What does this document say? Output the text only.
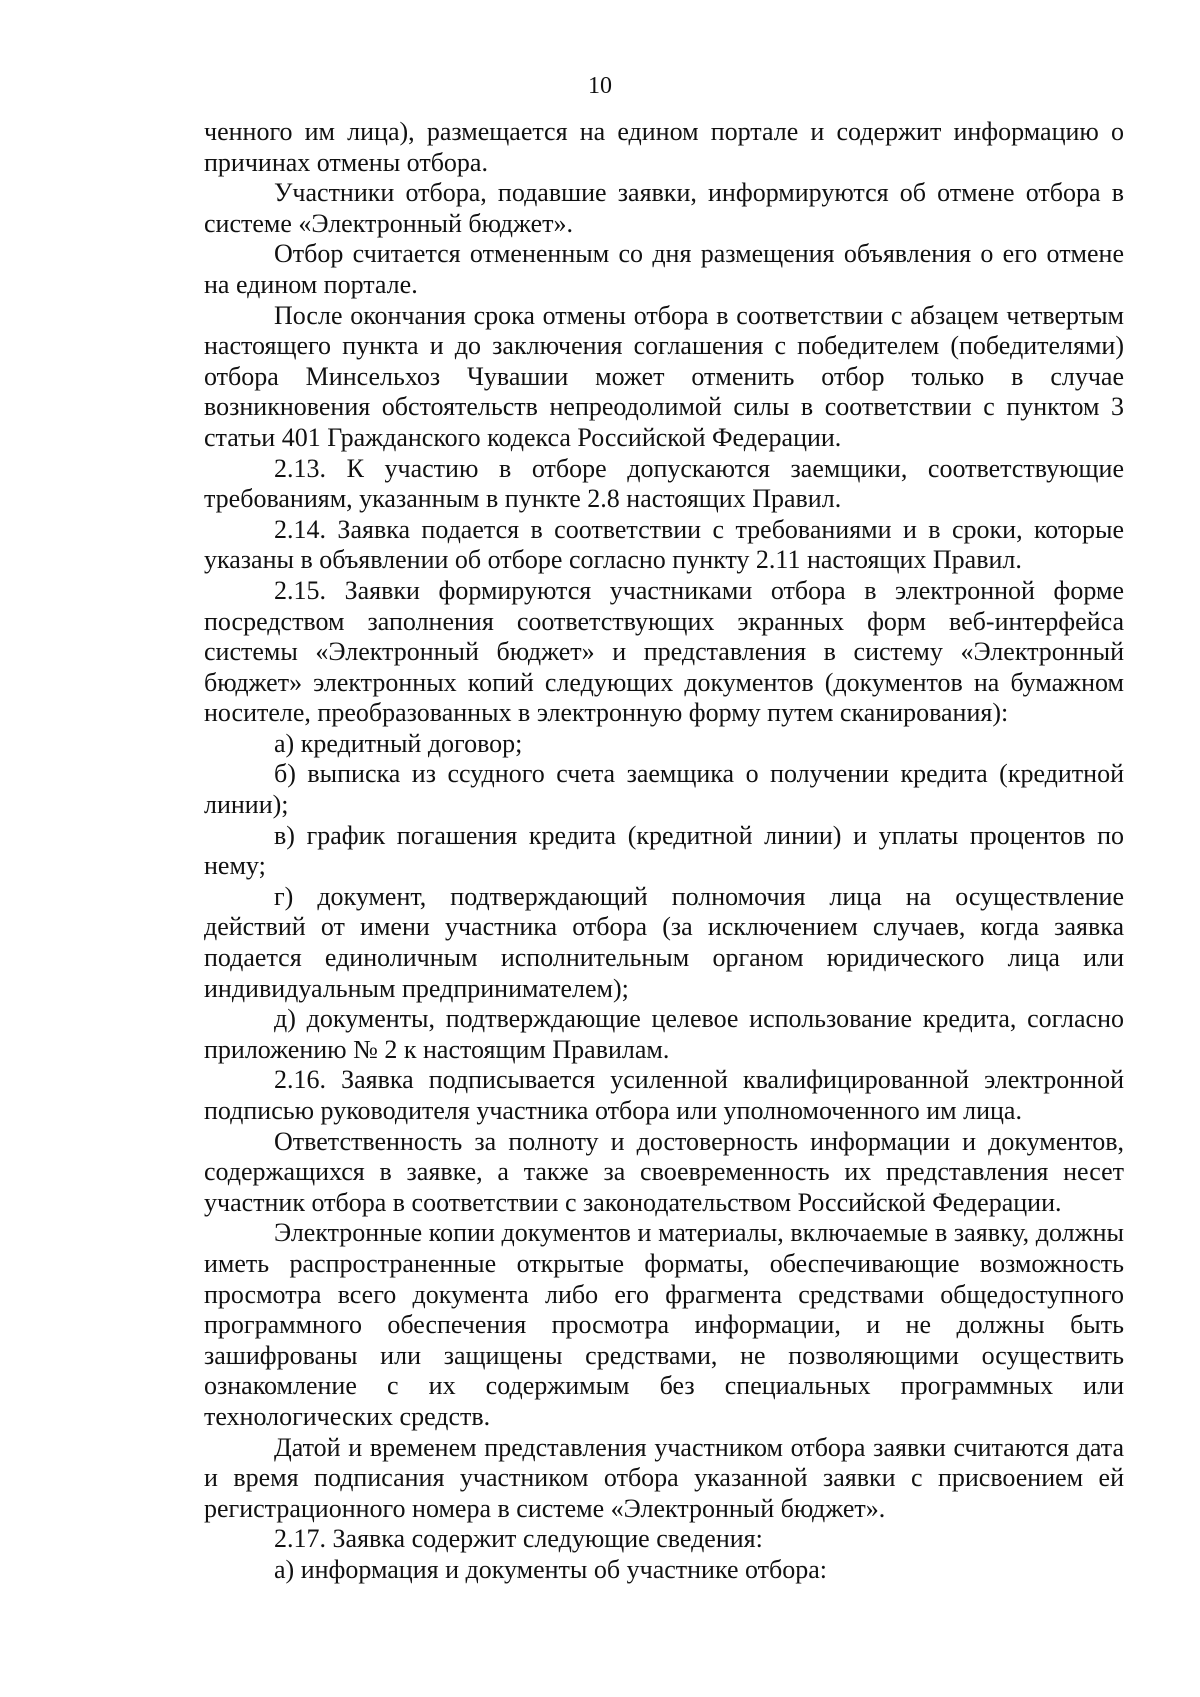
10

ченного им лица), размещается на едином портале и содержит информацию о причинах отмены отбора.

Участники отбора, подавшие заявки, информируются об отмене отбора в системе «Электронный бюджет».

Отбор считается отмененным со дня размещения объявления о его отмене на едином портале.

После окончания срока отмены отбора в соответствии с абзацем четвертым настоящего пункта и до заключения соглашения с победителем (победителями) отбора Минсельхоз Чувашии может отменить отбор только в случае возникновения обстоятельств непреодолимой силы в соответствии с пунктом 3 статьи 401 Гражданского кодекса Российской Федерации.

2.13. К участию в отборе допускаются заемщики, соответствующие требованиям, указанным в пункте 2.8 настоящих Правил.

2.14. Заявка подается в соответствии с требованиями и в сроки, которые указаны в объявлении об отборе согласно пункту 2.11 настоящих Правил.

2.15. Заявки формируются участниками отбора в электронной форме посредством заполнения соответствующих экранных форм веб-интерфейса системы «Электронный бюджет» и представления в систему «Электронный бюджет» электронных копий следующих документов (документов на бумажном носителе, преобразованных в электронную форму путем сканирования):

а) кредитный договор;

б) выписка из ссудного счета заемщика о получении кредита (кредитной линии);

в) график погашения кредита (кредитной линии) и уплаты процентов по нему;

г) документ, подтверждающий полномочия лица на осуществление действий от имени участника отбора (за исключением случаев, когда заявка подается единоличным исполнительным органом юридического лица или индивидуальным предпринимателем);

д) документы, подтверждающие целевое использование кредита, согласно приложению № 2 к настоящим Правилам.

2.16. Заявка подписывается усиленной квалифицированной электронной подписью руководителя участника отбора или уполномоченного им лица.

Ответственность за полноту и достоверность информации и документов, содержащихся в заявке, а также за своевременность их представления несет участник отбора в соответствии с законодательством Российской Федерации.

Электронные копии документов и материалы, включаемые в заявку, должны иметь распространенные открытые форматы, обеспечивающие возможность просмотра всего документа либо его фрагмента средствами общедоступного программного обеспечения просмотра информации, и не должны быть зашифрованы или защищены средствами, не позволяющими осуществить ознакомление с их содержимым без специальных программных или технологических средств.

Датой и временем представления участником отбора заявки считаются дата и время подписания участником отбора указанной заявки с присвоением ей регистрационного номера в системе «Электронный бюджет».

2.17. Заявка содержит следующие сведения:

а) информация и документы об участнике отбора:
